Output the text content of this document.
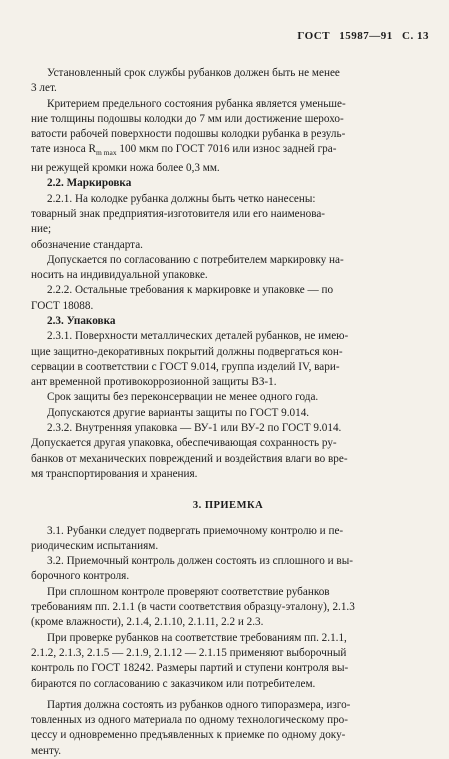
ГОСТ 15987—91 С. 13

Установленный срок службы рубанков должен быть не менее

3 лет.

Критерием предельного состояния рубанка является уменьше-

ние толщины подошвы колодки до 7 мм или достижение шерохо-

ватости рабочей поверхности подошвы колодки рубанка в резуль-

тате износа $R_{m max}$ 100 мкм по ГОСТ 7016 или износ задней гра-

ни режущей кромки ножа более 0,3 мм.

2.2. Маркировка

2.2.1. На колодке рубанка должны быть четко нанесены:

товарный знак предприятия-изготовителя или его наименова-

ние;

обозначение стандарта.

Допускается по согласованию с потребителем маркировку на-

носить на индивидуальной упаковке.

2.2.2. Остальные требования к маркировке и упаковке — по

ГОСТ 18088.

2.3. Упаковка

2.3.1. Поверхности металлических деталей рубанков, не имею-

щие защитно-декоративных покрытий должны подвергаться кон-

сервации в соответствии с ГОСТ 9.014, группа изделий IV, вари-

ант временной противокоррозионной защиты ВЗ-1.

Срок защиты без переконсервации не менее одного года.

Допускаются другие варианты защиты по ГОСТ 9.014.

2.3.2. Внутренняя упаковка — ВУ-1 или ВУ-2 по ГОСТ 9.014.

Допускается другая упаковка, обеспечивающая сохранность ру-

банков от механических повреждений и воздействия влаги во вре-

мя транспортирования и хранения.

3. ПРИЕМКА

3.1. Рубанки следует подвергать приемочному контролю и пе-

риодическим испытаниям.

3.2. Приемочный контроль должен состоять из сплошного и вы-

борочного контроля.

При сплошном контроле проверяют соответствие рубанков

требованиям пп. 2.1.1 (в части соответствия образцу-эталону), 2.1.3

(кроме влажности), 2.1.4, 2.1.10, 2.1.11, 2.2 и 2.3.

При проверке рубанков на соответствие требованиям пп. 2.1.1,

2.1.2, 2.1.3, 2.1.5 — 2.1.9, 2.1.12 — 2.1.15 применяют выборочный

контроль по ГОСТ 18242. Размеры партий и ступени контроля вы-

бираются по согласованию с заказчиком или потребителем.

Партия должна состоять из рубанков одного типоразмера, изго-

товленных из одного материала по одному технологическому про-

цессу и одновременно предъявленных к приемке по одному доку-

менту.
